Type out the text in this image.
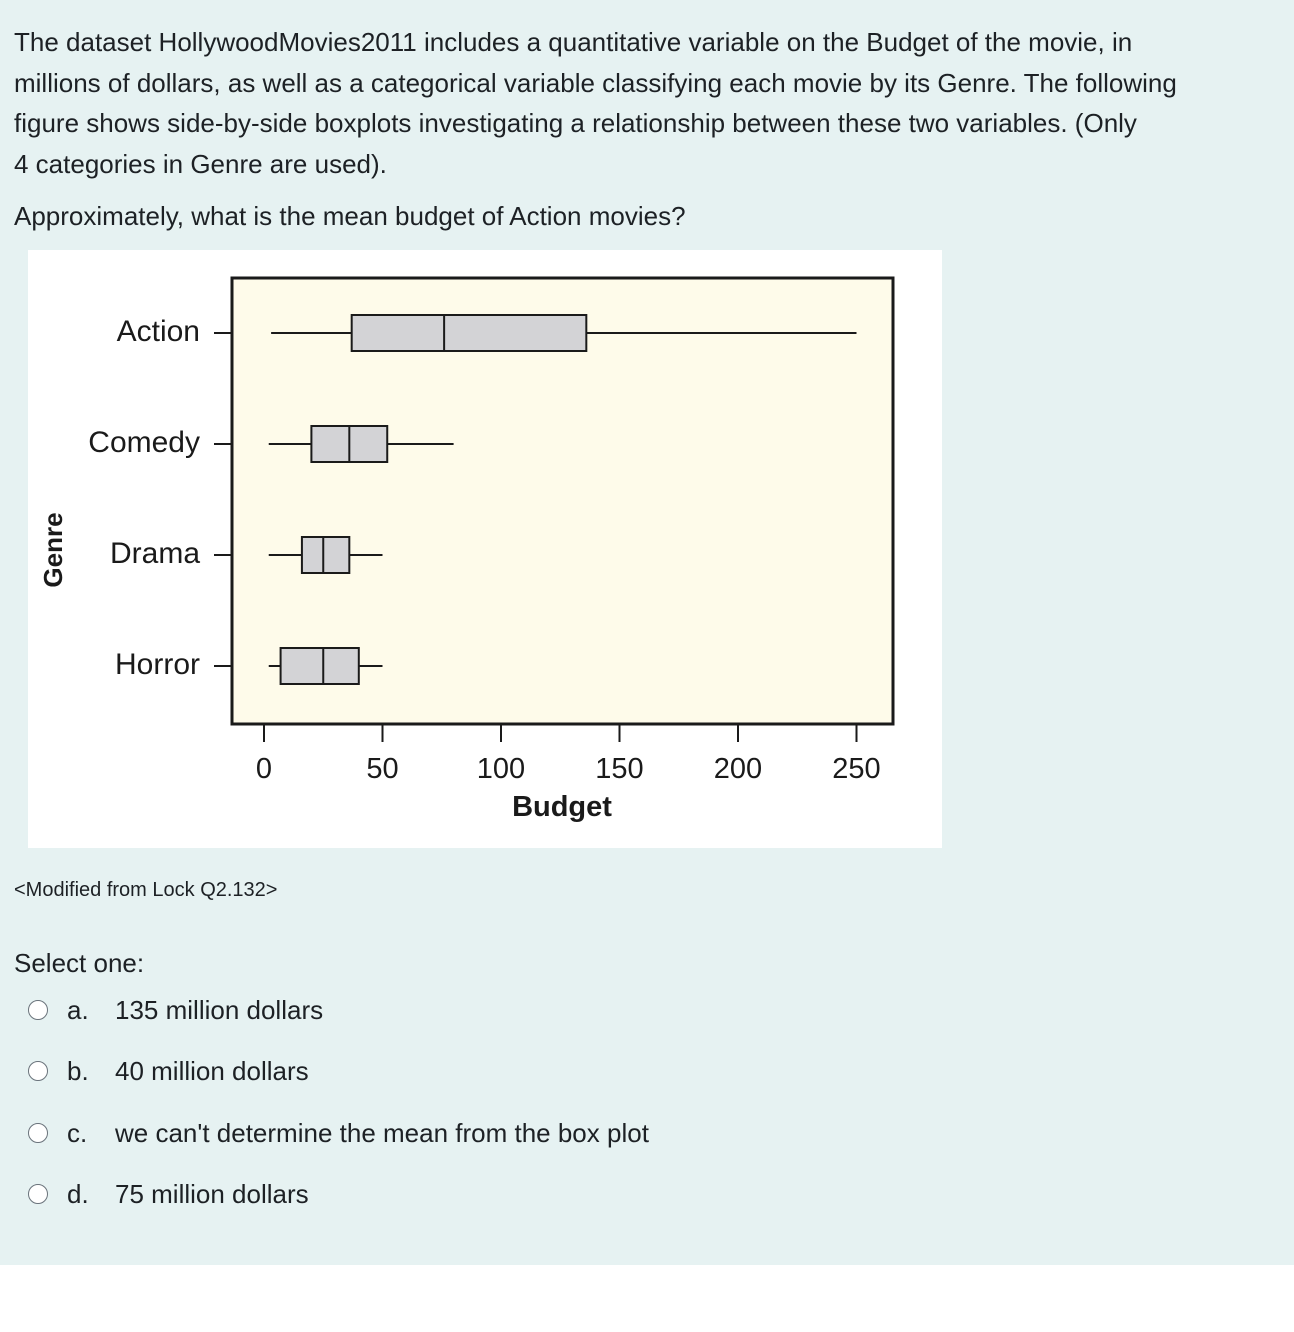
The dataset HollywoodMovies2011 includes a quantitative variable on the Budget of the movie, in
millions of dollars, as well as a categorical variable classifying each movie by its Genre. The following
figure shows side-by-side boxplots investigating a relationship between these two variables. (Only
4 categories in Genre are used).

Approximately, what is the mean budget of Action movies?

Action
Comedy
Drama
Horror
0	50	100 150 200 250
Genre
Budget

<Modified from Lock Q2.132>

Select one:

a.	135 million dollars
b.	40 million dollars
c.	we can't determine the mean from the box plot
d.	75 million dollars
